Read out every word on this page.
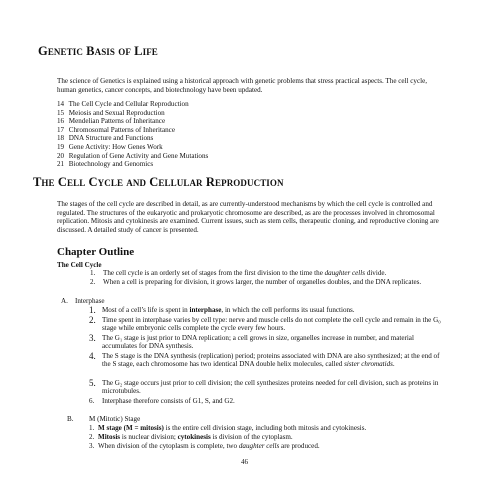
Genetic Basis of Life
The science of Genetics is explained using a historical approach with genetic problems that stress practical aspects. The cell cycle, human genetics, cancer concepts, and biotechnology have been updated.
14 The Cell Cycle and Cellular Reproduction
15 Meiosis and Sexual Reproduction
16 Mendelian Patterns of Inheritance
17 Chromosomal Patterns of Inheritance
18 DNA Structure and Functions
19 Gene Activity: How Genes Work
20 Regulation of Gene Activity and Gene Mutations
21 Biotechnology and Genomics
The Cell Cycle and Cellular Reproduction
The stages of the cell cycle are described in detail, as are currently-understood mechanisms by which the cell cycle is controlled and regulated. The structures of the eukaryotic and prokaryotic chromosome are described, as are the processes involved in chromosomal replication. Mitosis and cytokinesis are examined. Current issues, such as stem cells, therapeutic cloning, and reproductive cloning are discussed. A detailed study of cancer is presented.
Chapter Outline
The Cell Cycle
1. The cell cycle is an orderly set of stages from the first division to the time the daughter cells divide.
2. When a cell is preparing for division, it grows larger, the number of organelles doubles, and the DNA replicates.
A. Interphase
1. Most of a cell’s life is spent in interphase, in which the cell performs its usual functions.
2. Time spent in interphase varies by cell type: nerve and muscle cells do not complete the cell cycle and remain in the G₀ stage while embryonic cells complete the cycle every few hours.
3. The G₁ stage is just prior to DNA replication; a cell grows in size, organelles increase in number, and material accumulates for DNA synthesis.
4. The S stage is the DNA synthesis (replication) period; proteins associated with DNA are also synthesized; at the end of the S stage, each chromosome has two identical DNA double helix molecules, called sister chromatids.
5. The G₂ stage occurs just prior to cell division; the cell synthesizes proteins needed for cell division, such as proteins in microtubules.
6. Interphase therefore consists of G1, S, and G2.
B. M (Mitotic) Stage
1. M stage (M = mitosis) is the entire cell division stage, including both mitosis and cytokinesis.
2. Mitosis is nuclear division; cytokinesis is division of the cytoplasm.
3. When division of the cytoplasm is complete, two daughter cells are produced.
46
